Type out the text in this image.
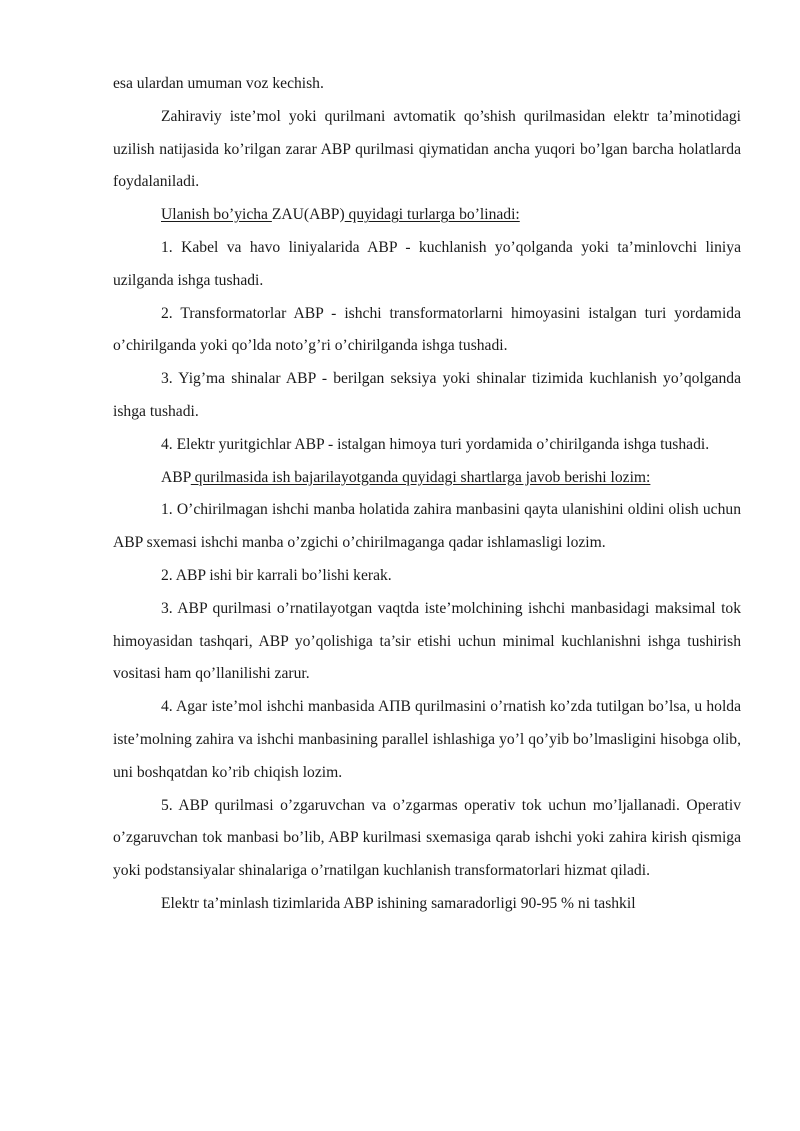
esa ulardan umuman voz kechish.

Zahiraviy iste’mol yoki qurilmani avtomatik qo’shish qurilmasidan elektr ta’minotidagi uzilish natijasida ko’rilgan zarar ABP qurilmasi qiymatidan ancha yuqori bo’lgan barcha holatlarda foydalaniladi.

Ulanish bo’yicha ZAU(ABP) quyidagi turlarga bo’linadi:

1. Kabel va havo liniyalarida ABP - kuchlanish yo’qolganda yoki ta’minlovchi liniya uzilganda ishga tushadi.

2. Transformatorlar ABP - ishchi transformatorlarni himoyasini istalgan turi yordamida o’chirilganda yoki qo’lda noto’g’ri o’chirilganda ishga tushadi.

3. Yig’ma shinalar ABP - berilgan seksiya yoki shinalar tizimida kuchlanish yo’qolganda ishga tushadi.

4. Elektr yuritgichlar ABP - istalgan himoya turi yordamida o’chirilganda ishga tushadi.

ABP qurilmasida ish bajarilayotganda quyidagi shartlarga javob berishi lozim:

1. O’chirilmagan ishchi manba holatida zahira manbasini qayta ulanishini oldini olish uchun ABP sxemasi ishchi manba o’zgichi o’chirilmaganga qadar ishlamasligi lozim.

2. ABP ishi bir karrali bo’lishi kerak.

3. ABP qurilmasi o’rnatilayotgan vaqtda iste’molchining ishchi manbasidagi maksimal tok himoyasidan tashqari, ABP yo’qolishiga ta’sir etishi uchun minimal kuchlanishni ishga tushirish vositasi ham qo’llanilishi zarur.

4. Agar iste’mol ishchi manbasida AПВ qurilmasini o’rnatish ko’zda tutilgan bo’lsa, u holda iste’molning zahira va ishchi manbasining parallel ishlashiga yo’l qo’yib bo’lmasligini hisobga olib, uni boshqatdan ko’rib chiqish lozim.

5. ABP qurilmasi o’zgaruvchan va o’zgarmas operativ tok uchun mo’ljallanadi. Operativ o’zgaruvchan tok manbasi bo’lib, ABP kurilmasi sxemasiga qarab ishchi yoki zahira kirish qismiga yoki podstansiyalar shinalariga o’rnatilgan kuchlanish transformatorlari hizmat qiladi.

Elektr ta’minlash tizimlarida ABP ishining samaradorligi 90-95 % ni tashkil
